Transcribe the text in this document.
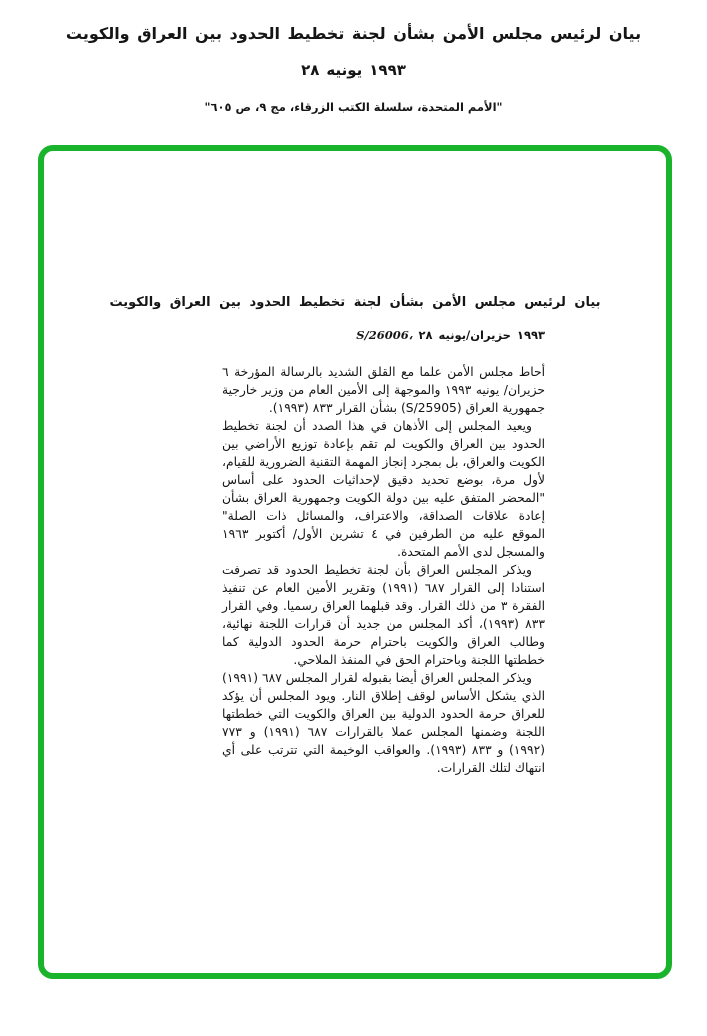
بيان لرئيس مجلس الأمن بشأن لجنة تخطيط الحدود بين العراق والكويت
٢٨ يونيه ١٩٩٣
"الأمم المتحدة، سلسلة الكتب الزرقاء، مج ٩، ص ٦٠٥"
بيان لرئيس مجلس الأمن بشأن لجنة تخطيط الحدود بين العراق والكويت
S/26006، ٢٨ حزيران/يونيه ١٩٩٣

أحاط مجلس الأمن علما مع القلق الشديد بالرسالة المؤرخة ٦ حزيران/ يونيه ١٩٩٣ والموجهة إلى الأمين العام من وزير خارجية جمهورية العراق (S/25905) بشأن القرار ٨٣٣ (١٩٩٣).

ويعيد المجلس إلى الأذهان في هذا الصدد أن لجنة تخطيط الحدود بين العراق والكويت لم تقم بإعادة توزيع الأراضي بين الكويت والعراق، بل بمجرد إنجاز المهمة التقنية الضرورية للقيام، لأول مرة، بوضع تحديد دقيق لإحداثيات الحدود على أساس "المحضر المتفق عليه بين دولة الكويت وجمهورية العراق بشأن إعادة علاقات الصداقة، والاعتراف، والمسائل ذات الصلة" الموقع عليه من الطرفين في ٤ تشرين الأول/ أكتوبر ١٩٦٣ والمسجل لدى الأمم المتحدة.

ويذكر المجلس العراق بأن لجنة تخطيط الحدود قد تصرفت استنادا إلى القرار ٦٨٧ (١٩٩١) وتقرير الأمين العام عن تنفيذ الفقرة ٣ من ذلك القرار. وقد قبلهما العراق رسميا. وفي القرار ٨٣٣ (١٩٩٣)، أكد المجلس من جديد أن قرارات اللجنة نهائية، وطالب العراق والكويت باحترام حرمة الحدود الدولية كما خططتها اللجنة وباحترام الحق في المنفذ الملاحي.

ويذكر المجلس العراق أيضا بقبوله لقرار المجلس ٦٨٧ (١٩٩١) الذي يشكل الأساس لوقف إطلاق النار. ويود المجلس أن يؤكد للعراق حرمة الحدود الدولية بين العراق والكويت التي خططتها اللجنة وضمنها المجلس عملا بالقرارات ٦٨٧ (١٩٩١) و ٧٧٣ (١٩٩٢) و ٨٣٣ (١٩٩٣). والعواقب الوخيمة التي تترتب على أي انتهاك لتلك القرارات.
